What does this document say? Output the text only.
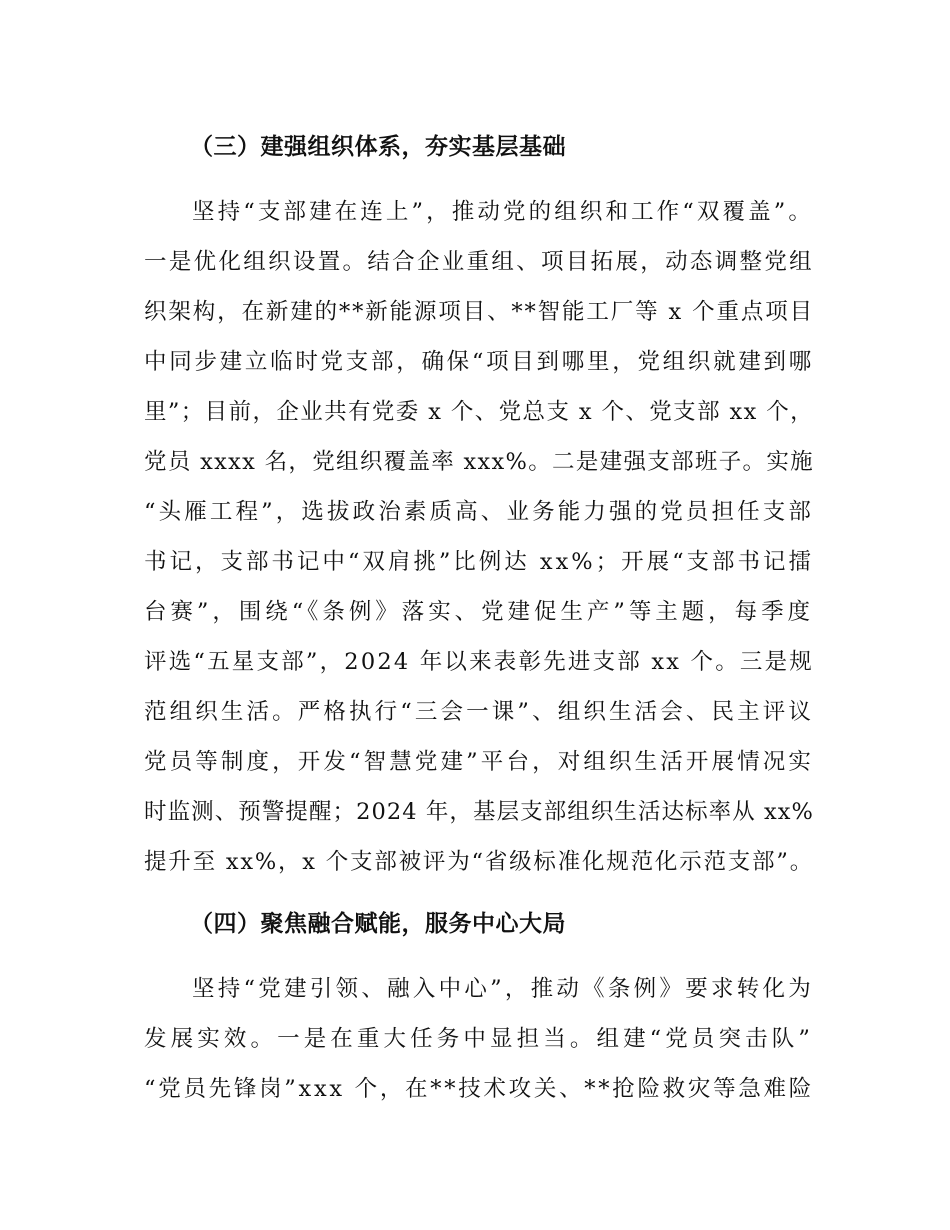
（三）建强组织体系，夯实基层基础
坚持“支部建在连上”，推动党的组织和工作“双覆盖”。
一是优化组织设置。结合企业重组、项目拓展，动态调整党组
织架构，在新建的**新能源项目、**智能工厂等 x 个重点项目
中同步建立临时党支部，确保“项目到哪里，党组织就建到哪
里”；目前，企业共有党委 x 个、党总支 x 个、党支部 xx 个，
党员 xxxx 名，党组织覆盖率 xxx%。二是建强支部班子。实施
“头雁工程”，选拔政治素质高、业务能力强的党员担任支部
书记，支部书记中“双肩挑”比例达 xx%；开展“支部书记擂
台赛”，围绕“《条例》落实、党建促生产”等主题，每季度
评选“五星支部”，2024 年以来表彰先进支部 xx 个。三是规
范组织生活。严格执行“三会一课”、组织生活会、民主评议
党员等制度，开发“智慧党建”平台，对组织生活开展情况实
时监测、预警提醒；2024 年，基层支部组织生活达标率从 xx%
提升至 xx%，x 个支部被评为“省级标准化规范化示范支部”。
（四）聚焦融合赋能，服务中心大局
坚持“党建引领、融入中心”，推动《条例》要求转化为
发展实效。一是在重大任务中显担当。组建“党员突击队”
“党员先锋岗”xxx 个，在**技术攻关、**抢险救灾等急难险
